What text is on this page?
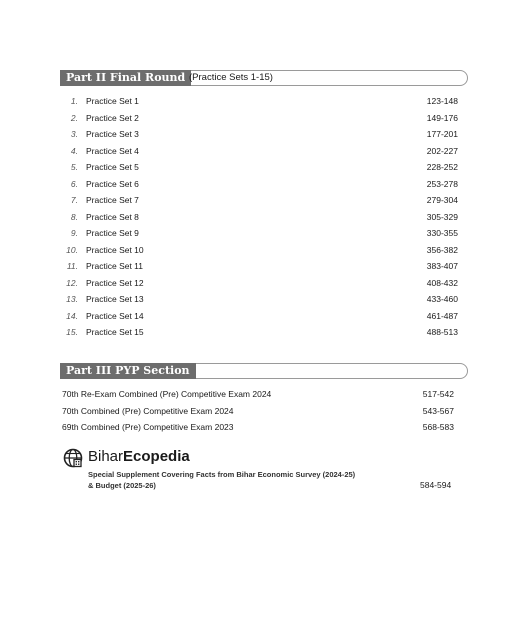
Part II Final Round (Practice Sets 1-15)
1. Practice Set 1	123-148
2. Practice Set 2	149-176
3. Practice Set 3	177-201
4. Practice Set 4	202-227
5. Practice Set 5	228-252
6. Practice Set 6	253-278
7. Practice Set 7	279-304
8. Practice Set 8	305-329
9. Practice Set 9	330-355
10. Practice Set 10	356-382
11. Practice Set 11	383-407
12. Practice Set 12	408-432
13. Practice Set 13	433-460
14. Practice Set 14	461-487
15. Practice Set 15	488-513
Part III PYP Section
70th Re-Exam Combined (Pre) Competitive Exam 2024	517-542
70th Combined (Pre) Competitive Exam 2024	543-567
69th Combined (Pre) Competitive Exam 2023	568-583
BiharEcopedia
Special Supplement Covering Facts from Bihar Economic Survey (2024-25)
& Budget (2025-26)	584-594
